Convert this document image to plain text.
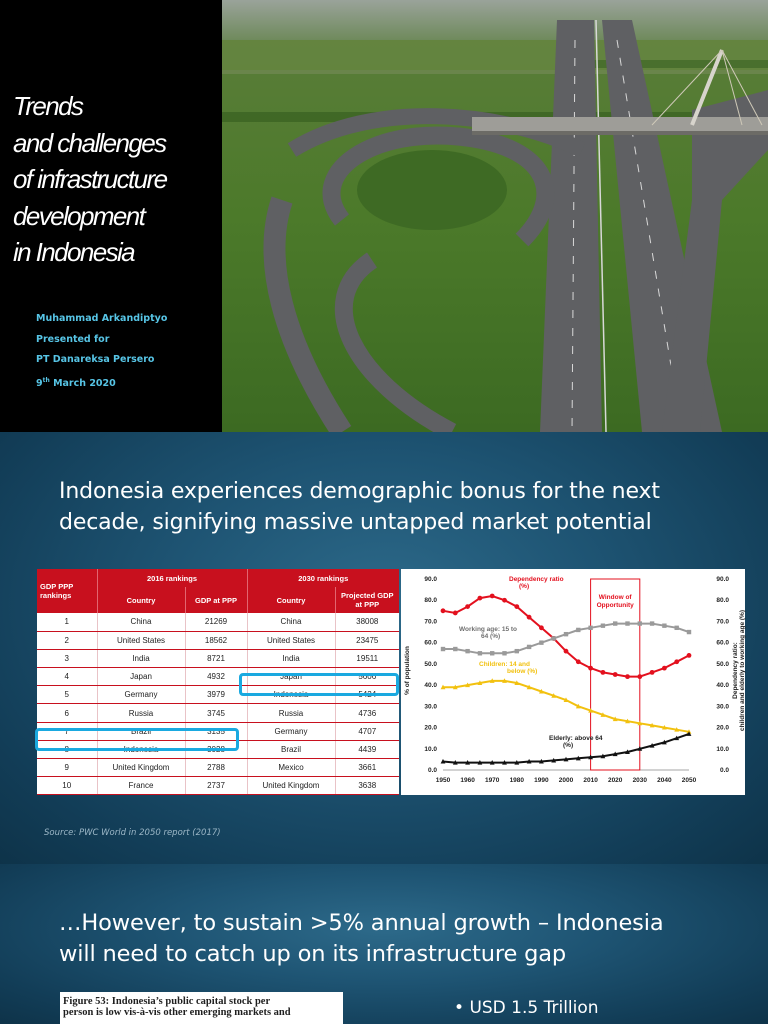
Trends
and challenges
of infrastructure
development
in Indonesia
Muhammad Arkandiptyo
Presented for
PT Danareksa Persero
9th March 2020
Indonesia experiences demographic bonus for the next
decade, signifying massive untapped market potential
GDP PPP rankings	2016 rankings		2030 rankings	
	Country	GDP at PPP	Country	Projected GDP at PPP
1	China	21269	China	38008
2	United States	18562	United States	23475
3	India	8721	India	19511
4	Japan	4932	Japan	5606
5	Germany	3979	Indonesia	5424
6	Russia	3745	Russia	4736
7	Brazil	3135	Germany	4707
8	Indonesia	3028	Brazil	4439
9	United Kingdom	2788	Mexico	3661
10	France	2737	United Kingdom	3638
0.0	0.0
10.0	10.0
20.0	20.0
30.0	30.0
40.0	40.0
50.0	50.0
60.0	60.0
70.0	70.0
80.0	80.0
90.0	90.0
1950 1960 1970 1980 1990 2000 2010 2020 2030 2040 2050
% of population	Dependency ratio: children and elderly to working age (%)
Window of
Opportunity
Dependency ratio
(%)
Working age: 15 to
64 (%)
Children: 14 and
below (%)
Elderly: above 64
(%)
Source: PWC World in 2050 report (2017)
…However, to sustain >5% annual growth – Indonesia
will need to catch up on its infrastructure gap
Figure 53: Indonesia’s public capital stock per
person is low vis-à-vis other emerging markets and	• USD 1.5 Trillion
